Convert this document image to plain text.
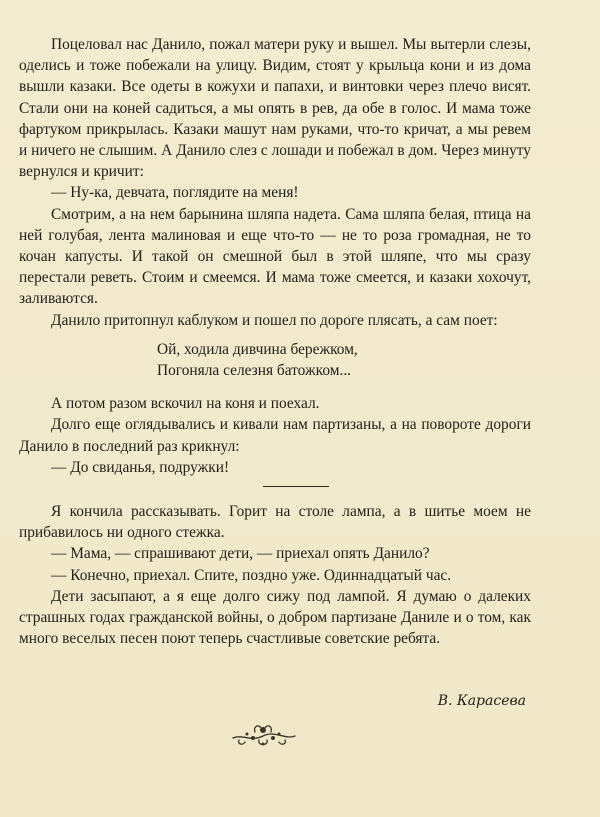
Поцеловал нас Данило, пожал матери руку и вышел. Мы вытерли слезы, оделись и тоже побежали на улицу. Видим, стоят у крыльца кони и из дома вышли казаки. Все одеты в кожухи и папахи, и винтовки через плечо висят. Стали они на коней садиться, а мы опять в рев, да обе в голос. И мама тоже фартуком прикрылась. Казаки машут нам руками, что-то кричат, а мы ревем и ничего не слышим. А Данило слез с лошади и побежал в дом. Через минуту вернулся и кричит:

— Ну-ка, девчата, поглядите на меня!

Смотрим, а на нем барынина шляпа надета. Сама шляпа белая, птица на ней голубая, лента малиновая и еще что-то — не то роза громадная, не то кочан капусты. И такой он смешной был в этой шляпе, что мы сразу перестали реветь. Стоим и смеемся. И мама тоже смеется, и казаки хохочут, заливаются.

Данило притопнул каблуком и пошел по дороге плясать, а сам поет:

Ой, ходила дивчина бережком,
Погоняла селезня батожком...

А потом разом вскочил на коня и поехал.

Долго еще оглядывались и кивали нам партизаны, а на повороте дороги Данило в последний раз крикнул:

— До свиданья, подружки!

Я кончила рассказывать. Горит на столе лампа, а в шитье моем не прибавилось ни одного стежка.

— Мама, — спрашивают дети, — приехал опять Данило?

— Конечно, приехал. Спите, поздно уже. Одиннадцатый час.

Дети засыпают, а я еще долго сижу под лампой. Я думаю о далеких страшных годах гражданской войны, о добром партизане Даниле и о том, как много веселых песен поют теперь счастливые советские ребята.

В. Карасева
